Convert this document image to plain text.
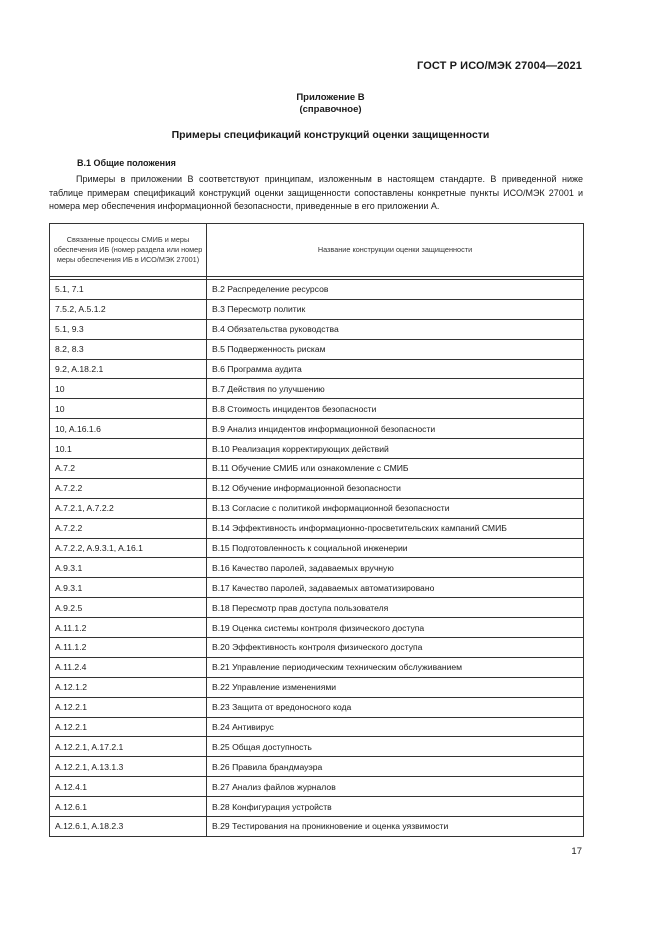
ГОСТ Р ИСО/МЭК 27004—2021
Приложение B
(справочное)
Примеры спецификаций конструкций оценки защищенности
B.1 Общие положения
Примеры в приложении B соответствуют принципам, изложенным в настоящем стандарте. В приведенной ниже таблице примерам спецификаций конструкций оценки защищенности сопоставлены конкретные пункты ИСО/МЭК 27001 и номера мер обеспечения информационной безопасности, приведенные в его приложении А.
Связанные процессы СМИБ и меры обеспечения ИБ (номер раздела или номер меры обеспечения ИБ в ИСО/МЭК 27001)	Название конструкции оценки защищенности

5.1, 7.1	B.2 Распределение ресурсов
7.5.2, A.5.1.2	B.3 Пересмотр политик
5.1, 9.3	B.4 Обязательства руководства
8.2, 8.3	B.5 Подверженность рискам
9.2, A.18.2.1	B.6 Программа аудита
10	B.7 Действия по улучшению
10	B.8 Стоимость инцидентов безопасности
10, A.16.1.6	B.9 Анализ инцидентов информационной безопасности
10.1	B.10 Реализация корректирующих действий
A.7.2	B.11 Обучение СМИБ или ознакомление с СМИБ
A.7.2.2	B.12 Обучение информационной безопасности
A.7.2.1, A.7.2.2	B.13 Согласие с политикой информационной безопасности
A.7.2.2	B.14 Эффективность информационно-просветительских кампаний СМИБ
A.7.2.2, A.9.3.1, A.16.1	B.15 Подготовленность к социальной инженерии
A.9.3.1	B.16 Качество паролей, задаваемых вручную
A.9.3.1	B.17 Качество паролей, задаваемых автоматизировано
A.9.2.5	B.18 Пересмотр прав доступа пользователя
A.11.1.2	B.19 Оценка системы контроля физического доступа
A.11.1.2	B.20 Эффективность контроля физического доступа
A.11.2.4	B.21 Управление периодическим техническим обслуживанием
A.12.1.2	B.22 Управление изменениями
A.12.2.1	B.23 Защита от вредоносного кода
A.12.2.1	B.24 Антивирус
A.12.2.1, A.17.2.1	B.25 Общая доступность
A.12.2.1, A.13.1.3	B.26 Правила брандмауэра
A.12.4.1	B.27 Анализ файлов журналов
A.12.6.1	B.28 Конфигурация устройств
A.12.6.1, A.18.2.3	B.29 Тестирования на проникновение и оценка уязвимости
17
